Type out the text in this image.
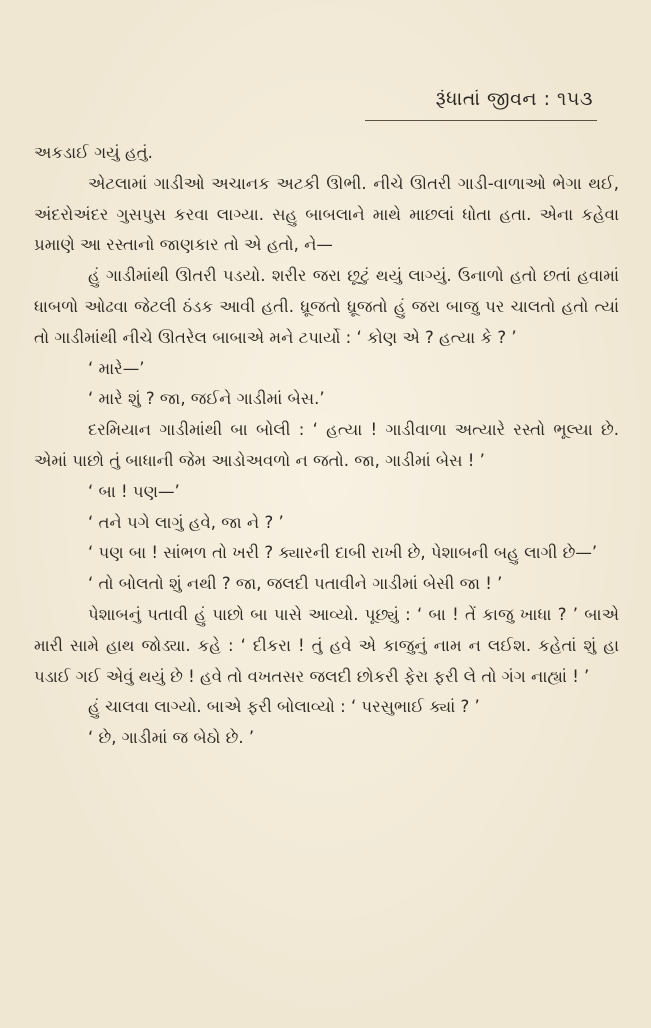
રૂંધાતાં જીવન : ૧૫૩

અકડાઈ ગયું હતું.

એટલામાં ગાડીઓ અચાનક અટકી ઊભી. નીચે ઊતરી ગાડી-વાળાઓ ભેગા થઈ, અંદરોઅંદર ગુસપુસ કરવા લાગ્યા. સહુ બાબલાને માથે માછલાં ધોતા હતા. એના કહેવા પ્રમાણે આ રસ્તાનો જાણકાર તો એ હતો, ને—

હું ગાડીમાંથી ઊતરી પડયો. શરીર જરા છૂટું થયું લાગ્યું. ઉનાળો હતો છતાં હવામાં ધાબળો ઓઢવા જેટલી ઠંડક આવી હતી. ધ્રૂજતો ધ્રૂજતો હું જરા બાજુ પર ચાલતો હતો ત્યાં તો ગાડીમાંથી નીચે ઊતરેલ બાબાએ મને ટપાર્યો : ‘ કોણ એ ? હત્યા કે ? ’

‘ મારે—’

‘ મારે શું ? જા, જઈને ગાડીમાં બેસ.’

દરમિયાન ગાડીમાંથી બા બોલી : ‘ હત્યા ! ગાડીવાળા અત્યારે રસ્તો ભૂલ્યા છે. એમાં પાછો તું બાધાની જેમ આડોઅવળો ન જતો. જા, ગાડીમાં બેસ ! ’

‘ બા ! પણ—’

‘ તને પગે લાગું હવે, જા ને ? ’

‘ પણ બા ! સાંભળ તો ખરી ? ક્યારની દાબી રાખી છે, પેશાબની બહુ લાગી છે—’

‘ તો બોલતો શું નથી ? જા, જલદી પતાવીને ગાડીમાં બેસી જા ! ’

પેશાબનું પતાવી હું પાછો બા પાસે આવ્યો. પૂછ્યું : ‘ બા ! તેં કાજુ ખાધા ? ’ બાએ મારી સામે હાથ જોડ્યા. કહે : ‘ દીકરા ! તું હવે એ કાજુનું નામ ન લઈશ. કહેતાં શું હા પડાઈ ગઈ એવું થયું છે ! હવે તો વખતસર જલદી છોકરી ફેરા ફરી લે તો ગંગ નાહ્યાં ! ’

હું ચાલવા લાગ્યો. બાએ ફરી બોલાવ્યો : ‘ પરસુભાઈ ક્યાં ? ’

‘ છે, ગાડીમાં જ બેઠો છે. ’
